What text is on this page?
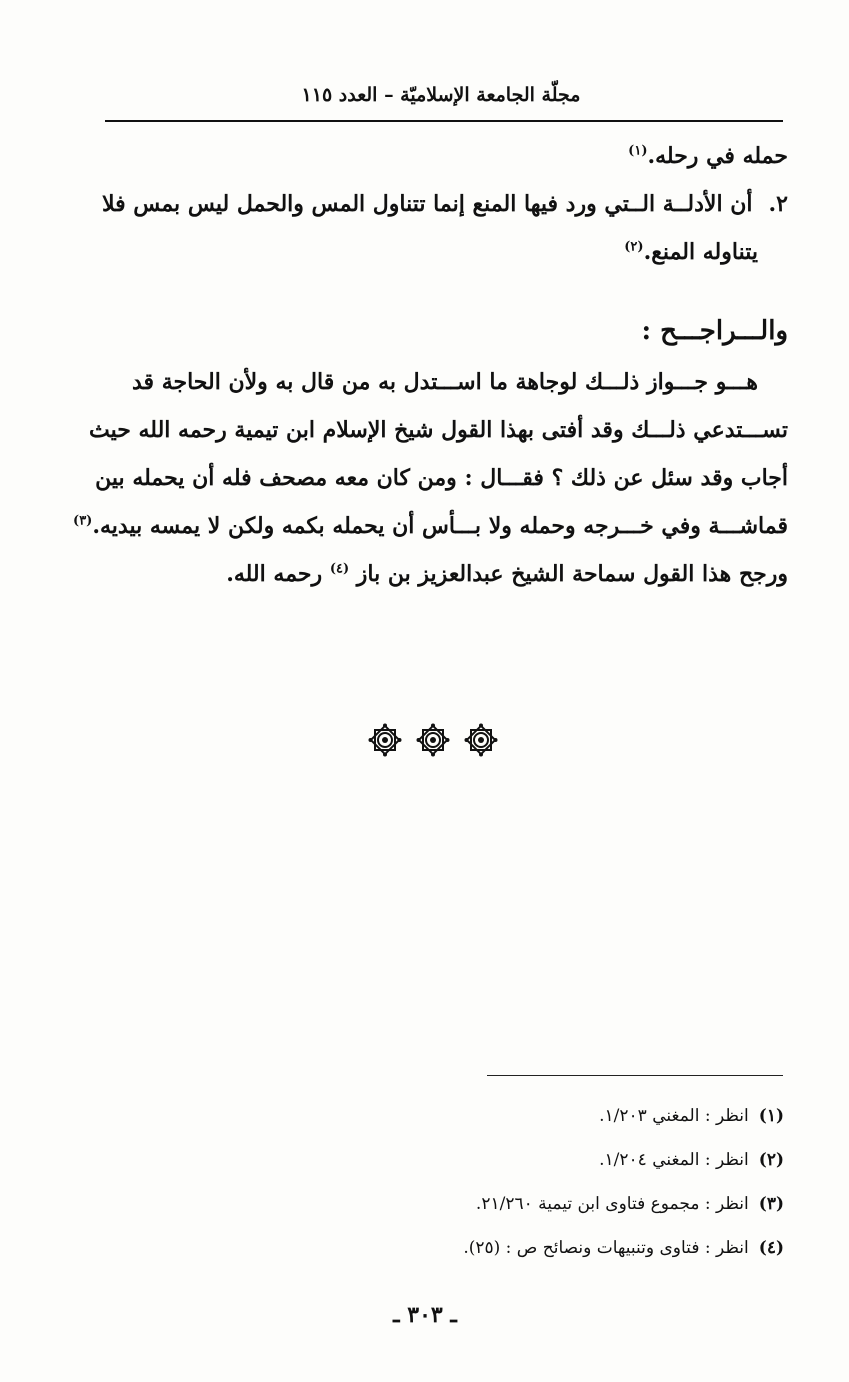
مجلّة الجامعة الإسلاميّة – العدد ١١٥
حمله في رحله.$^{(١)}$
٢.أن الأدلــة الــتي ورد فيها المنع إنما تتناول المس والحمل ليس بمس فلا
يتناوله المنع.$^{(٢)}$
والـــراجـــح :
هـــو جـــواز ذلـــك لوجاهة ما اســـتدل به من قال به ولأن الحاجة قد
تســـتدعي ذلـــك وقد أفتى بهذا القول شيخ الإسلام ابن تيمية رحمه الله حيث
أجاب وقد سئل عن ذلك ؟ فقـــال : ومن كان معه مصحف فله أن يحمله بين
قماشـــة وفي خـــرجه وحمله ولا بـــأس أن يحمله بكمه ولكن لا يمسه بيديه.$^{(٣)}$
ورجح هذا القول سماحة الشيخ عبدالعزيز بن باز $^{(٤)}$ رحمه الله.
(١)انظر : المغني ١/٢٠٣.
(٢)انظر : المغني ١/٢٠٤.
(٣)انظر : مجموع فتاوى ابن تيمية ٢١/٢٦٠.
(٤)انظر : فتاوى وتنبيهات ونصائح ص : (٢٥).
ـ ٣٠٣ ـ
